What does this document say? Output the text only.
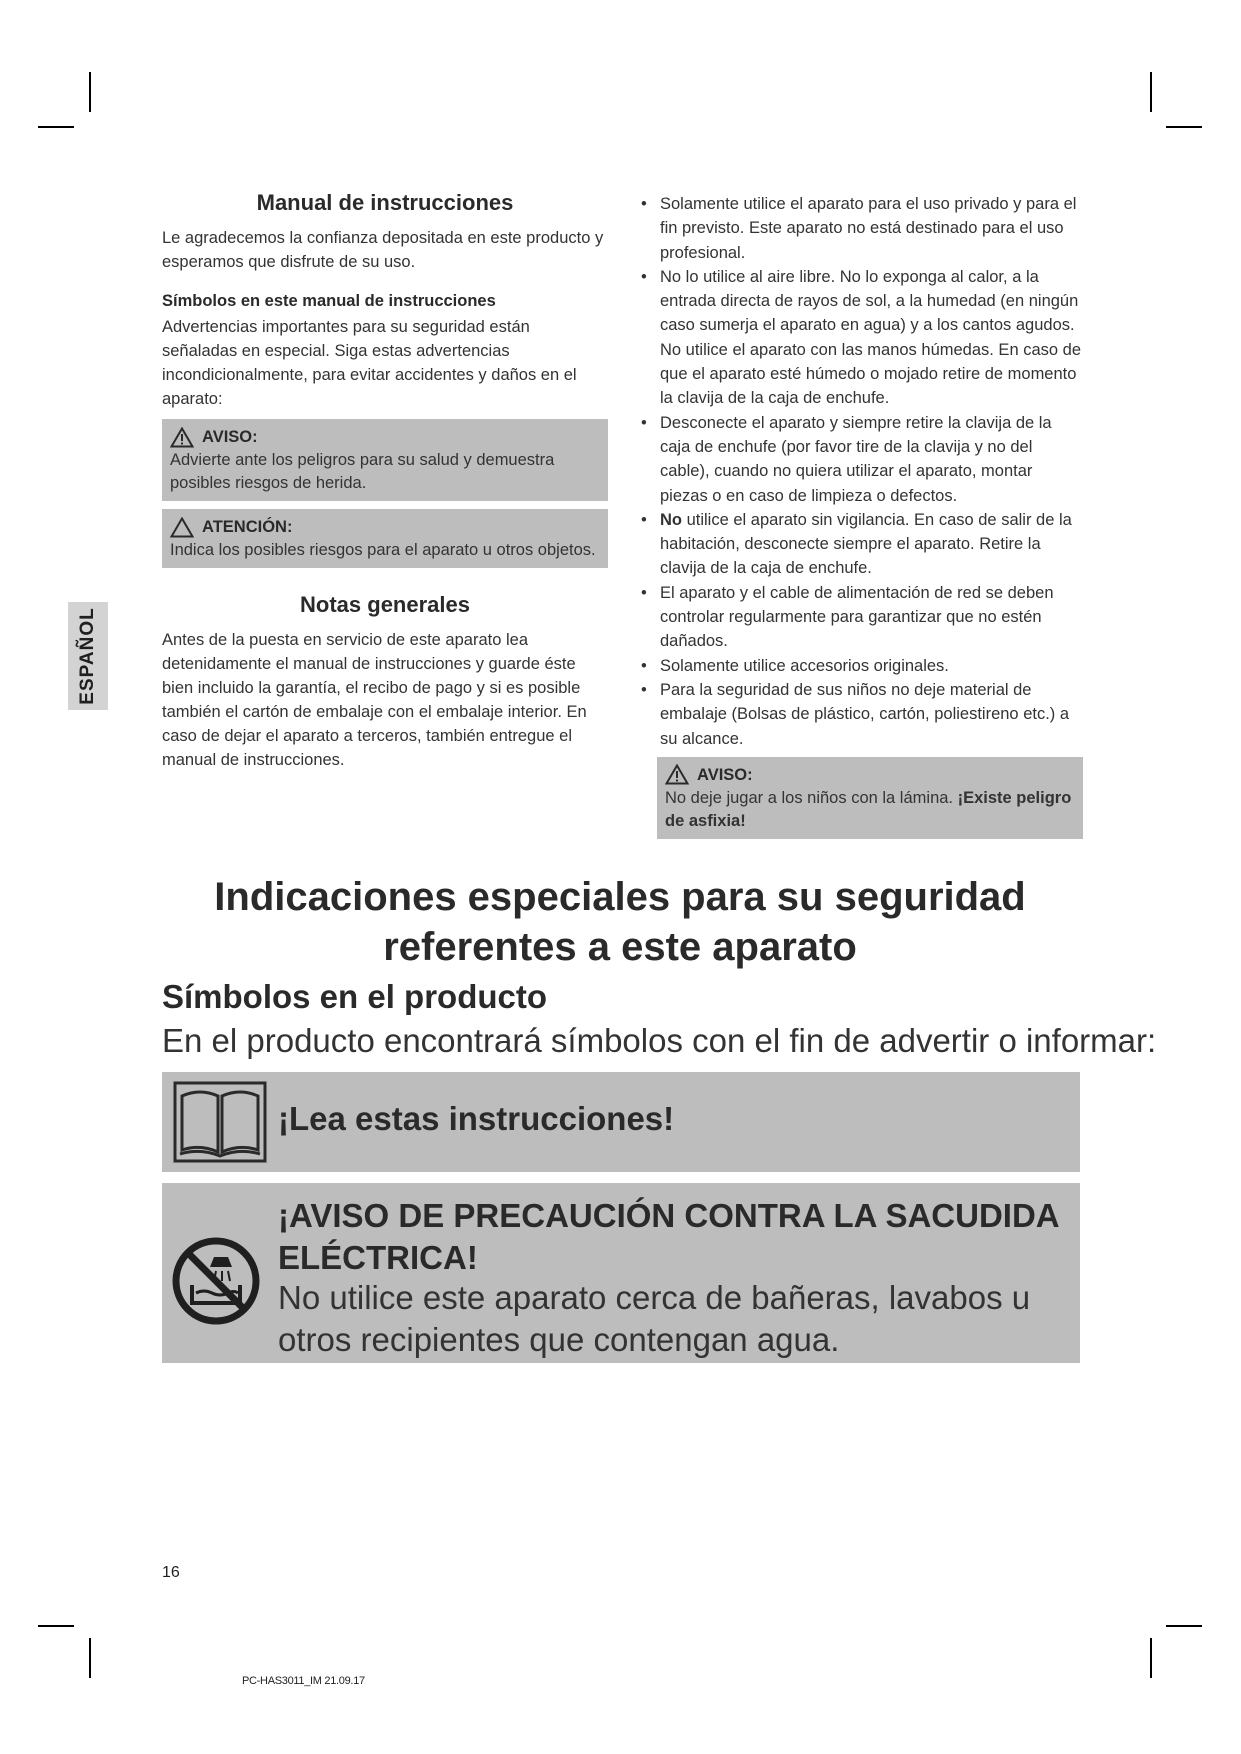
ESPAÑOL
Manual de instrucciones

Le agradecemos la confianza depositada en este producto y esperamos que disfrute de su uso.

Símbolos en este manual de instrucciones

Advertencias importantes para su seguridad están señaladas en especial. Siga estas advertencias incondicionalmente, para evitar accidentes y daños en el aparato:

AVISO:
Advierte ante los peligros para su salud y demuestra posibles riesgos de herida.
ATENCIÓN:
Indica los posibles riesgos para el aparato u otros objetos.
Notas generales

Antes de la puesta en servicio de este aparato lea detenidamente el manual de instrucciones y guarde éste bien incluido la garantía, el recibo de pago y si es posible también el cartón de embalaje con el embalaje interior. En caso de dejar el aparato a terceros, también entregue el manual de instrucciones.

• Solamente utilice el aparato para el uso privado y para el fin previsto. Este aparato no está destinado para el uso profesional.
• No lo utilice al aire libre. No lo exponga al calor, a la entrada directa de rayos de sol, a la humedad (en ningún caso sumerja el aparato en agua) y a los cantos agudos. No utilice el aparato con las manos húmedas. En caso de que el aparato esté húmedo o mojado retire de momento la clavija de la caja de enchufe.
• Desconecte el aparato y siempre retire la clavija de la caja de enchufe (por favor tire de la clavija y no del cable), cuando no quiera utilizar el aparato, montar piezas o en caso de limpieza o defectos.
• No utilice el aparato sin vigilancia. En caso de salir de la habitación, desconecte siempre el aparato. Retire la clavija de la caja de enchufe.
• El aparato y el cable de alimentación de red se deben controlar regularmente para garantizar que no estén dañados.
• Solamente utilice accesorios originales.
• Para la seguridad de sus niños no deje material de embalaje (Bolsas de plástico, cartón, poliestireno etc.) a su alcance.
AVISO:
No deje jugar a los niños con la lámina. ¡Existe peligro de asfixia!
Indicaciones especiales para su seguridad
referentes a este aparato
Símbolos en el producto
En el producto encontrará símbolos con el fin de advertir o informar:
¡Lea estas instrucciones!
¡AVISO DE PRECAUCIÓN CONTRA LA SACUDIDA ELÉCTRICA!
No utilice este aparato cerca de bañeras, lavabos u otros recipientes que contengan agua.
16
PC-HAS3011_IM 21.09.17
